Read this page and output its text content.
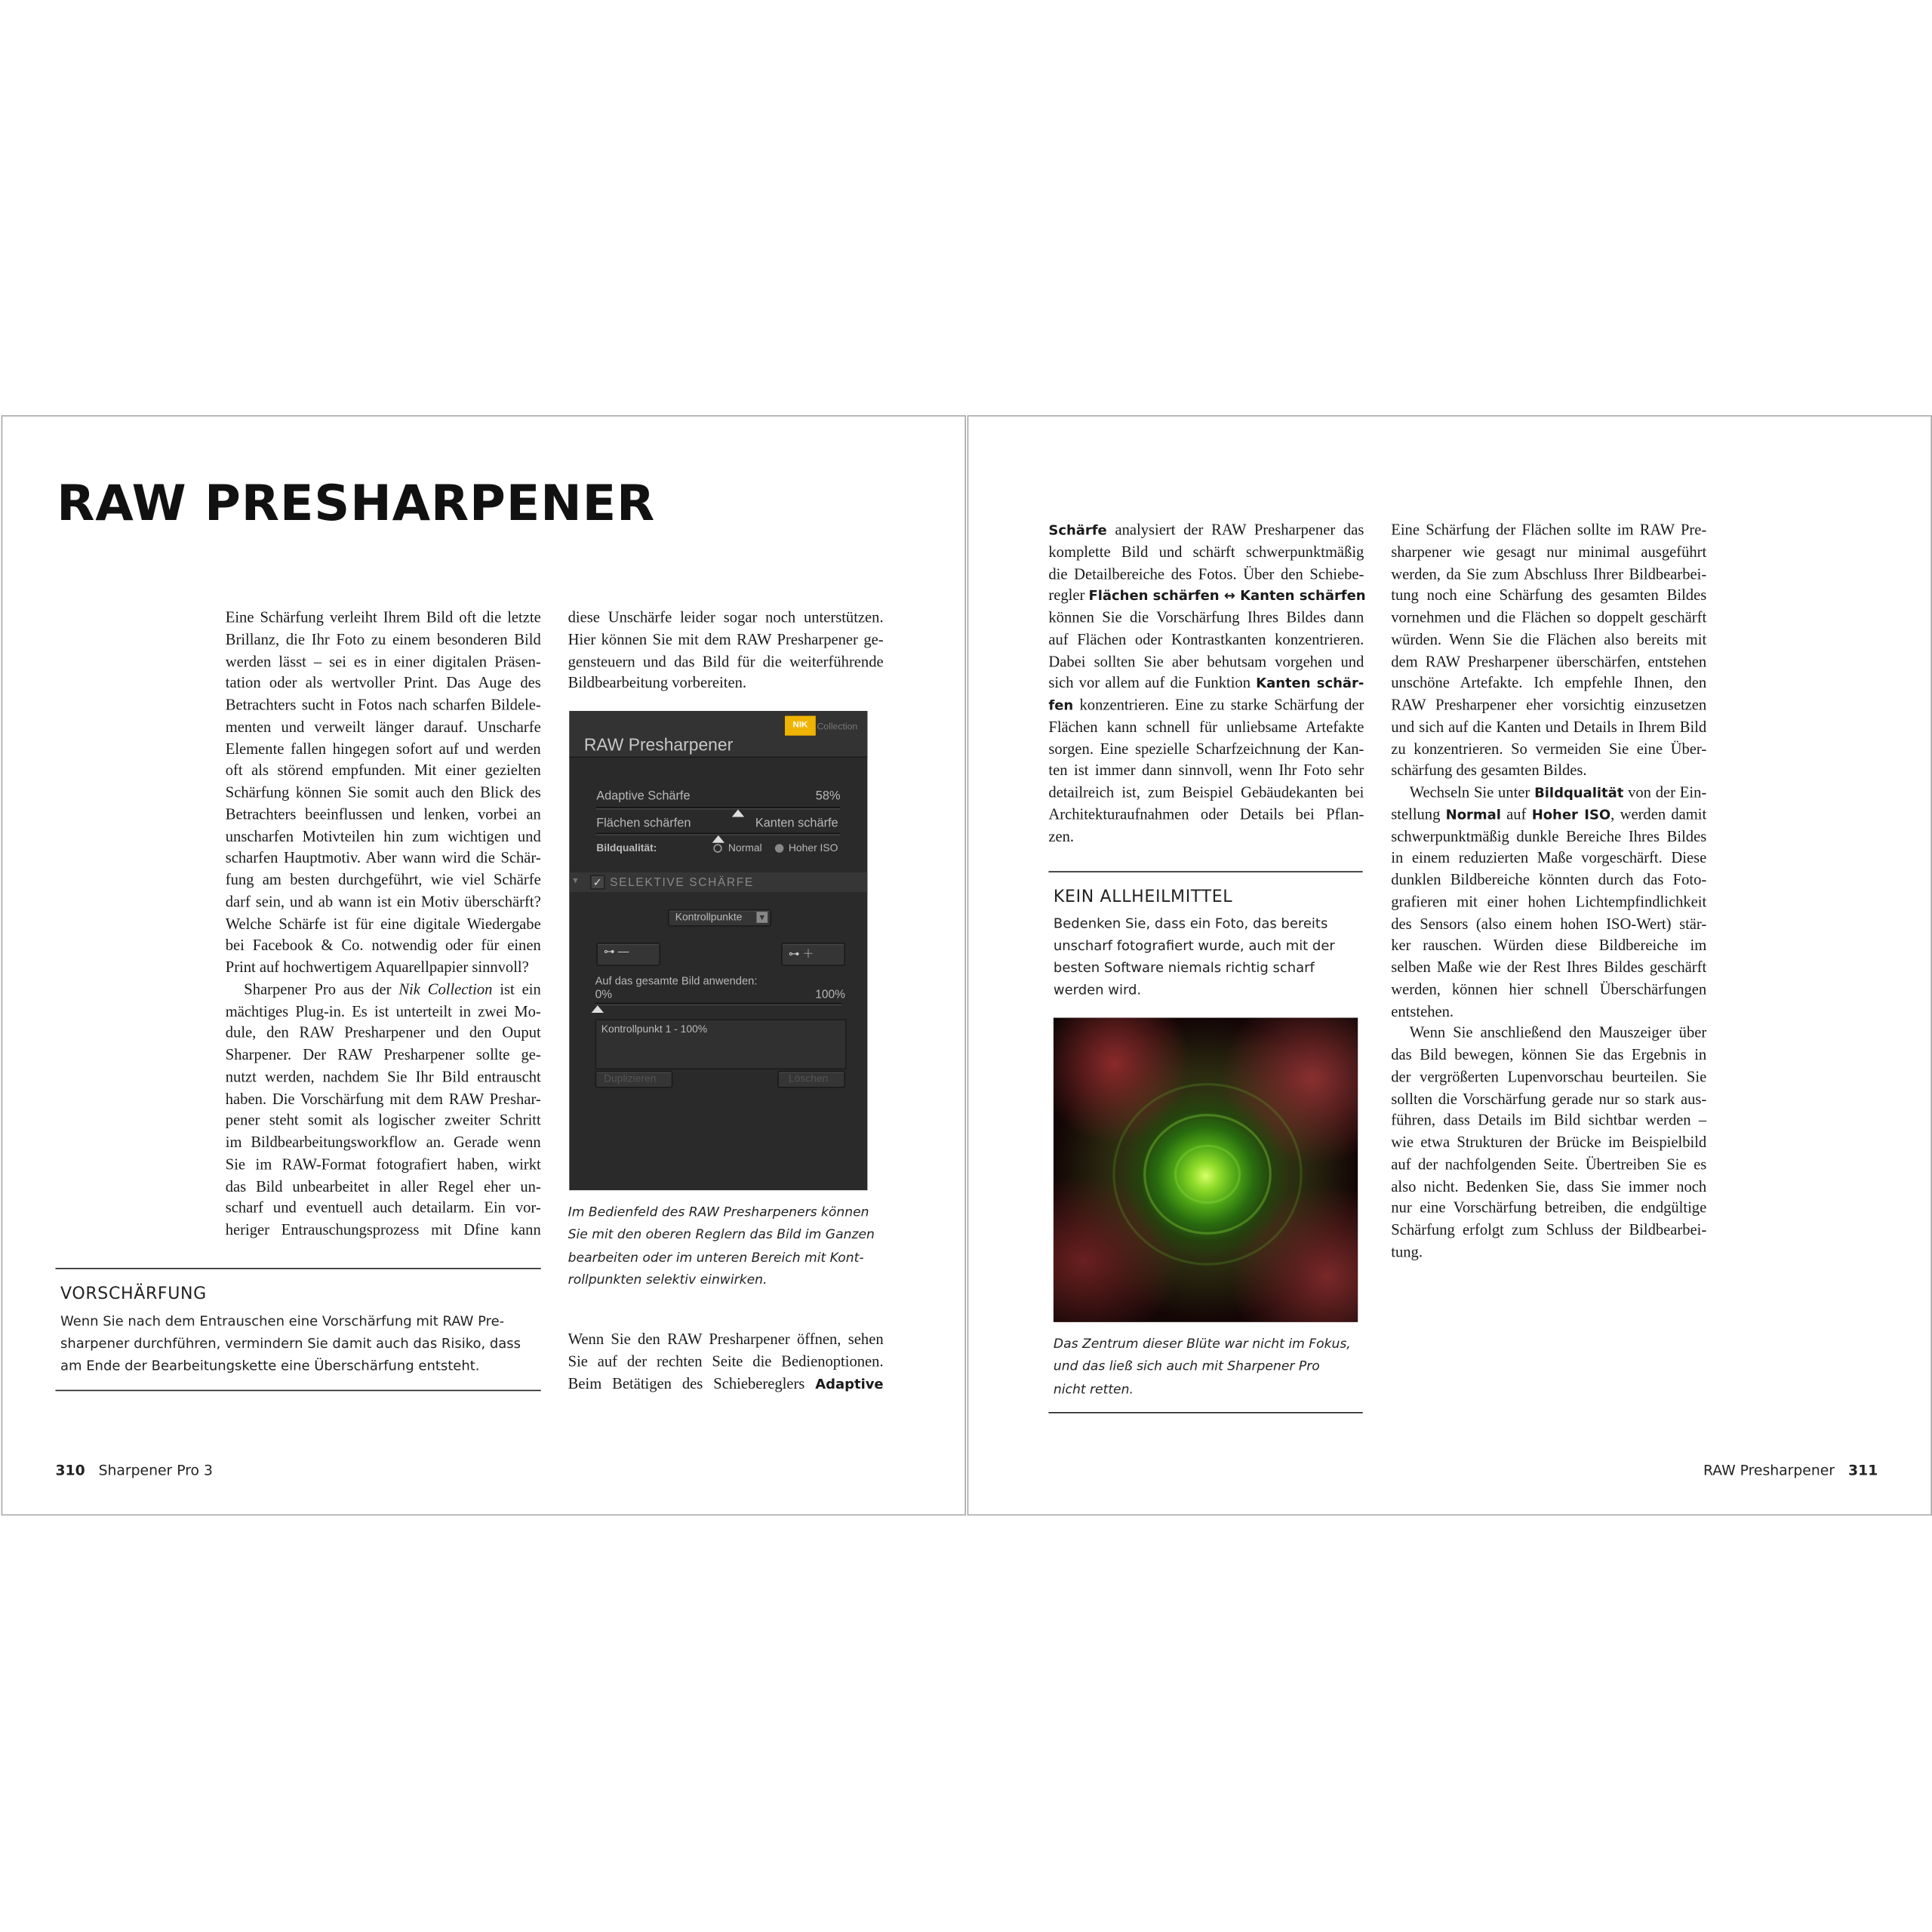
RAW PRESHARPENER
Eine Schärfung verleiht Ihrem Bild oft die letzte
Brillanz, die Ihr Foto zu einem besonderen Bild
werden lässt – sei es in einer digitalen Präsen-
tation oder als wertvoller Print. Das Auge des
Betrachters sucht in Fotos nach scharfen Bildele-
menten und verweilt länger darauf. Unscharfe
Elemente fallen hingegen sofort auf und werden
oft als störend empfunden. Mit einer gezielten
Schärfung können Sie somit auch den Blick des
Betrachters beeinflussen und lenken, vorbei an
unscharfen Motivteilen hin zum wichtigen und
scharfen Hauptmotiv. Aber wann wird die Schär-
fung am besten durchgeführt, wie viel Schärfe
darf sein, und ab wann ist ein Motiv überschärft?
Welche Schärfe ist für eine digitale Wiedergabe
bei Facebook & Co. notwendig oder für einen
Print auf hochwertigem Aquarellpapier sinnvoll?
Sharpener Pro aus der Nik Collection ist ein
mächtiges Plug-in. Es ist unterteilt in zwei Mo-
dule, den RAW Presharpener und den Ouput
Sharpener. Der RAW Presharpener sollte ge-
nutzt werden, nachdem Sie Ihr Bild entrauscht
haben. Die Vorschärfung mit dem RAW Preshar-
pener steht somit als logischer zweiter Schritt
im Bildbearbeitungsworkflow an. Gerade wenn
Sie im RAW-Format fotografiert haben, wirkt
das Bild unbearbeitet in aller Regel eher un-
scharf und eventuell auch detailarm. Ein vor-
heriger Entrauschungsprozess mit Dfine kann
diese Unschärfe leider sogar noch unterstützen.
Hier können Sie mit dem RAW Presharpener ge-
gensteuern und das Bild für die weiterführende
Bildbearbeitung vorbereiten.
RAW Presharpener
NIK	Collection
Adaptive Schärfe	58%
Flächen schärfen	Kanten schärfe
Bildqualität:	Normal	Hoher ISO
▾	✓	SELEKTIVE SCHÄRFE
Kontrollpunkte	▾
⊶ —	⊶ ＋
Auf das gesamte Bild anwenden:
0%	100%
Kontrollpunkt 1 - 100%
Duplizieren	Löschen
Im Bedienfeld des RAW Presharpeners können
Sie mit den oberen Reglern das Bild im Ganzen
bearbeiten oder im unteren Bereich mit Kont-
rollpunkten selektiv einwirken.
Wenn Sie den RAW Presharpener öffnen, sehen
Sie auf der rechten Seite die Bedienoptionen.
Beim Betätigen des Schiebereglers Adaptive
VORSCHÄRFUNG
Wenn Sie nach dem Entrauschen eine Vorschärfung mit RAW Pre-
sharpener durchführen, vermindern Sie damit auch das Risiko, dass
am Ende der Bearbeitungskette eine Überschärfung entsteht.
310 Sharpener Pro 3
Schärfe analysiert der RAW Presharpener das
komplette Bild und schärft schwerpunktmäßig
die Detailbereiche des Fotos. Über den Schiebe-
regler Flächen schärfen ↔ Kanten schärfen
können Sie die Vorschärfung Ihres Bildes dann
auf Flächen oder Kontrastkanten konzentrieren.
Dabei sollten Sie aber behutsam vorgehen und
sich vor allem auf die Funktion Kanten schär-
fen konzentrieren. Eine zu starke Schärfung der
Flächen kann schnell für unliebsame Artefakte
sorgen. Eine spezielle Scharfzeichnung der Kan-
ten ist immer dann sinnvoll, wenn Ihr Foto sehr
detailreich ist, zum Beispiel Gebäudekanten bei
Architekturaufnahmen oder Details bei Pflan-
zen.
KEIN ALLHEILMITTEL
Bedenken Sie, dass ein Foto, das bereits
unscharf fotografiert wurde, auch mit der
besten Software niemals richtig scharf
werden wird.
Das Zentrum dieser Blüte war nicht im Fokus,
und das ließ sich auch mit Sharpener Pro
nicht retten.
Eine Schärfung der Flächen sollte im RAW Pre-
sharpener wie gesagt nur minimal ausgeführt
werden, da Sie zum Abschluss Ihrer Bildbearbei-
tung noch eine Schärfung des gesamten Bildes
vornehmen und die Flächen so doppelt geschärft
würden. Wenn Sie die Flächen also bereits mit
dem RAW Presharpener überschärfen, entstehen
unschöne Artefakte. Ich empfehle Ihnen, den
RAW Presharpener eher vorsichtig einzusetzen
und sich auf die Kanten und Details in Ihrem Bild
zu konzentrieren. So vermeiden Sie eine Über-
schärfung des gesamten Bildes.
Wechseln Sie unter Bildqualität von der Ein-
stellung Normal auf Hoher ISO, werden damit
schwerpunktmäßig dunkle Bereiche Ihres Bildes
in einem reduzierten Maße vorgeschärft. Diese
dunklen Bildbereiche könnten durch das Foto-
grafieren mit einer hohen Lichtempfindlichkeit
des Sensors (also einem hohen ISO-Wert) stär-
ker rauschen. Würden diese Bildbereiche im
selben Maße wie der Rest Ihres Bildes geschärft
werden, können hier schnell Überschärfungen
entstehen.
Wenn Sie anschließend den Mauszeiger über
das Bild bewegen, können Sie das Ergebnis in
der vergrößerten Lupenvorschau beurteilen. Sie
sollten die Vorschärfung gerade nur so stark aus-
führen, dass Details im Bild sichtbar werden –
wie etwa Strukturen der Brücke im Beispielbild
auf der nachfolgenden Seite. Übertreiben Sie es
also nicht. Bedenken Sie, dass Sie immer noch
nur eine Vorschärfung betreiben, die endgültige
Schärfung erfolgt zum Schluss der Bildbearbei-
tung.
RAW Presharpener 311
